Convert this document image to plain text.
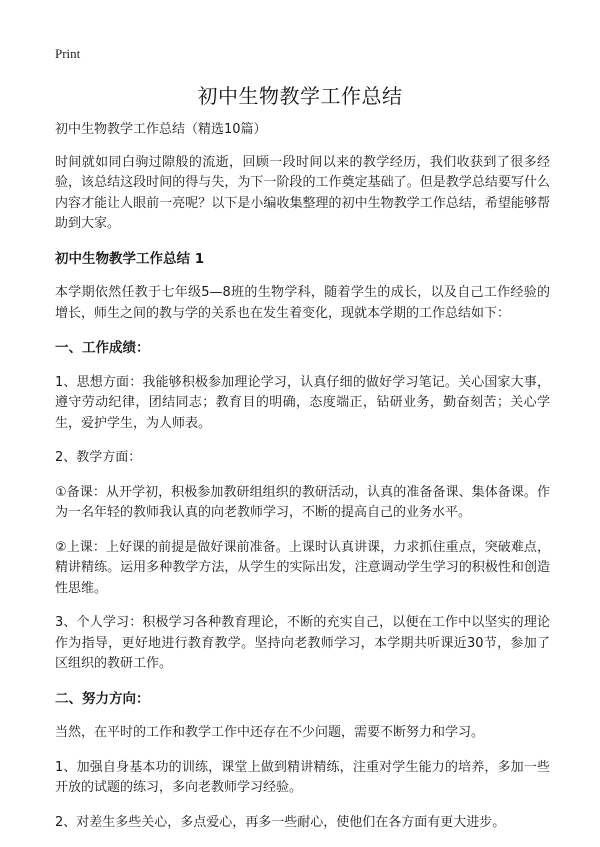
Print
初中生物教学工作总结

初中生物教学工作总结（精选10篇）

时间就如同白驹过隙般的流逝，回顾一段时间以来的教学经历，我们收获到了很多经验，该总结这段时间的得与失，为下一阶段的工作奠定基础了。但是教学总结要写什么内容才能让人眼前一亮呢？以下是小编收集整理的初中生物教学工作总结，希望能够帮助到大家。

初中生物教学工作总结 1

本学期依然任教于七年级5—8班的生物学科，随着学生的成长，以及自己工作经验的增长，师生之间的教与学的关系也在发生着变化，现就本学期的工作总结如下：

一、工作成绩：

1、思想方面：我能够积极参加理论学习，认真仔细的做好学习笔记。关心国家大事，遵守劳动纪律，团结同志；教育目的明确，态度端正，钻研业务，勤奋刻苦；关心学生，爱护学生，为人师表。

2、教学方面：

①备课：从开学初，积极参加教研组组织的教研活动，认真的准备备课、集体备课。作为一名年轻的教师我认真的向老教师学习，不断的提高自己的业务水平。

②上课：上好课的前提是做好课前准备。上课时认真讲课，力求抓住重点，突破难点，精讲精练。运用多种教学方法，从学生的实际出发，注意调动学生学习的积极性和创造性思维。

3、个人学习：积极学习各种教育理论，不断的充实自己，以便在工作中以坚实的理论作为指导，更好地进行教育教学。坚持向老教师学习，本学期共听课近30节，参加了区组织的教研工作。

二、努力方向：

当然，在平时的工作和教学工作中还存在不少问题，需要不断努力和学习。

1、加强自身基本功的训练，课堂上做到精讲精练，注重对学生能力的培养，多加一些开放的试题的练习，多向老教师学习经验。

2、对差生多些关心，多点爱心，再多一些耐心，使他们在各方面有更大进步。
